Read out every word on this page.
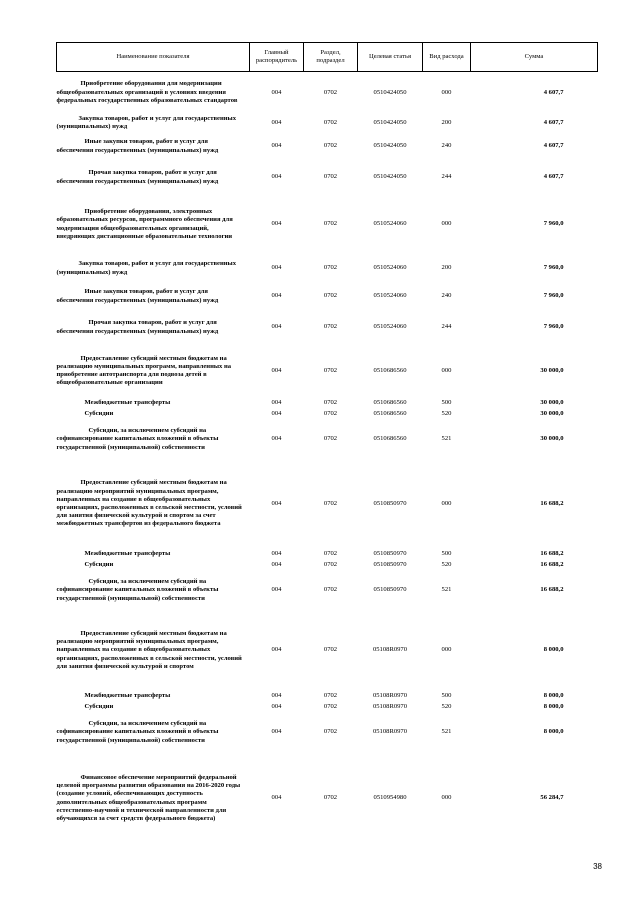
Наименование показателя	Главный распорядитель	Раздел, подраздел	Целевая статья	Вид расхода	Сумма
Приобретение оборудования для модернизации общеобразовательных организаций в условиях введения федеральных государственных образовательных стандартов	004	0702	0510424050	000	4 607,7
Закупка товаров, работ и услуг для государственных (муниципальных) нужд	004	0702	0510424050	200	4 607,7
Иные закупки товаров, работ и услуг для обеспечения государственных (муниципальных) нужд	004	0702	0510424050	240	4 607,7
Прочая закупка товаров, работ и услуг для обеспечения государственных (муниципальных) нужд	004	0702	0510424050	244	4 607,7
Приобретение оборудования, электронных образовательных ресурсов, программного обеспечения для модернизации общеобразовательных организаций, внедряющих дистанционные образовательные технологии	004	0702	0510524060	000	7 960,0
Закупка товаров, работ и услуг для государственных (муниципальных) нужд	004	0702	0510524060	200	7 960,0
Иные закупки товаров, работ и услуг для обеспечения государственных (муниципальных) нужд	004	0702	0510524060	240	7 960,0
Прочая закупка товаров, работ и услуг для обеспечения государственных (муниципальных) нужд	004	0702	0510524060	244	7 960,0
Предоставление субсидий местным бюджетам на реализацию муниципальных программ, направленных на приобретение автотранспорта для подвоза детей в общеобразовательные организации	004	0702	0510686560	000	30 000,0
Межбюджетные трансферты	004	0702	0510686560	500	30 000,0
Субсидии	004	0702	0510686560	520	30 000,0
Субсидии, за исключением субсидий на софинансирование капитальных вложений в объекты государственной (муниципальной) собственности	004	0702	0510686560	521	30 000,0
Предоставление субсидий местным бюджетам на реализацию мероприятий муниципальных программ, направленных на создание в общеобразовательных организациях, расположенных в сельской местности, условий для занятия физической культурой и спортом за счет межбюджетных трансфертов из федерального бюджета	004	0702	0510850970	000	16 688,2
Межбюджетные трансферты	004	0702	0510850970	500	16 688,2
Субсидии	004	0702	0510850970	520	16 688,2
Субсидии, за исключением субсидий на софинансирование капитальных вложений в объекты государственной (муниципальной) собственности	004	0702	0510850970	521	16 688,2
Предоставление субсидий местным бюджетам на реализацию мероприятий муниципальных программ, направленных на создание в общеобразовательных организациях, расположенных в сельской местности, условий для занятия физической культурой и спортом	004	0702	05108R0970	000	8 000,0
Межбюджетные трансферты	004	0702	05108R0970	500	8 000,0
Субсидии	004	0702	05108R0970	520	8 000,0
Субсидии, за исключением субсидий на софинансирование капитальных вложений в объекты государственной (муниципальной) собственности	004	0702	05108R0970	521	8 000,0
Финансовое обеспечение мероприятий федеральной целевой программы развития образования на 2016-2020 годы (создание условий, обеспечивающих доступность дополнительных общеобразовательных программ естественно-научной и технической направленности для обучающихся за счет средств федерального бюджета)	004	0702	0510954980	000	56 284,7
38
